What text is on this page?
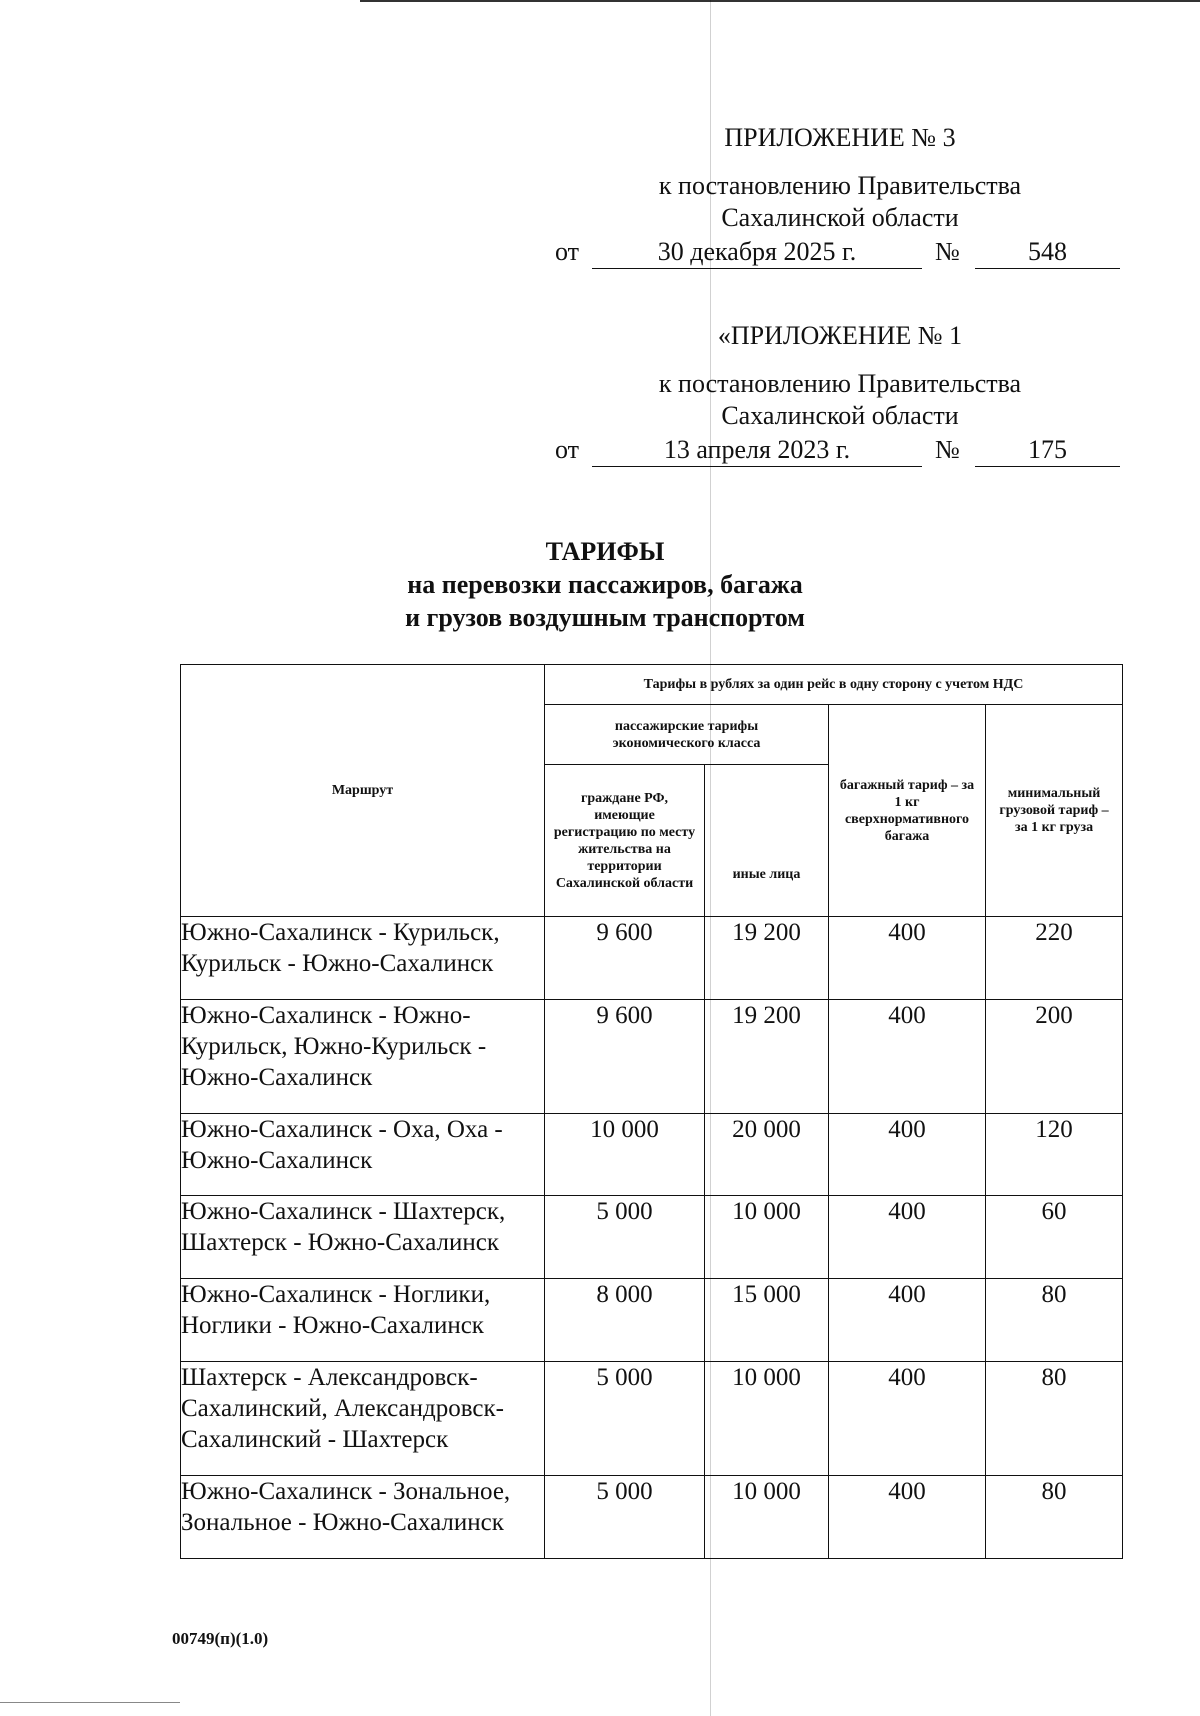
ПРИЛОЖЕНИЕ № 3
к постановлению Правительства
Сахалинской области
от	30 декабря 2025 г.	№	548
«ПРИЛОЖЕНИЕ № 1
к постановлению Правительства
Сахалинской области
от	13 апреля 2023 г.	№	175
ТАРИФЫ
на перевозки пассажиров, багажа
и грузов воздушным транспортом
Маршрут	Тарифы в рублях за один рейс в одну сторону с учетом НДС			
	пассажирские тарифы экономического класса		багажный тариф – за 1 кг сверхнормативного багажа	минимальный грузовой тариф – за 1 кг груза
	граждане РФ, имеющие регистрацию по месту жительства на территории Сахалинской области	иные лица		
Южно-Сахалинск - Курильск, Курильск - Южно-Сахалинск	9 600	19 200	400	220
Южно-Сахалинск - Южно-Курильск, Южно-Курильск - Южно-Сахалинск	9 600	19 200	400	200
Южно-Сахалинск - Оха, Оха - Южно-Сахалинск	10 000	20 000	400	120
Южно-Сахалинск - Шахтерск, Шахтерск - Южно-Сахалинск	5 000	10 000	400	60
Южно-Сахалинск - Ноглики, Ноглики - Южно-Сахалинск	8 000	15 000	400	80
Шахтерск - Александровск-Сахалинский, Александровск-Сахалинский - Шахтерск	5 000	10 000	400	80
Южно-Сахалинск - Зональное, Зональное - Южно-Сахалинск	5 000	10 000	400	80
00749(п)(1.0)
